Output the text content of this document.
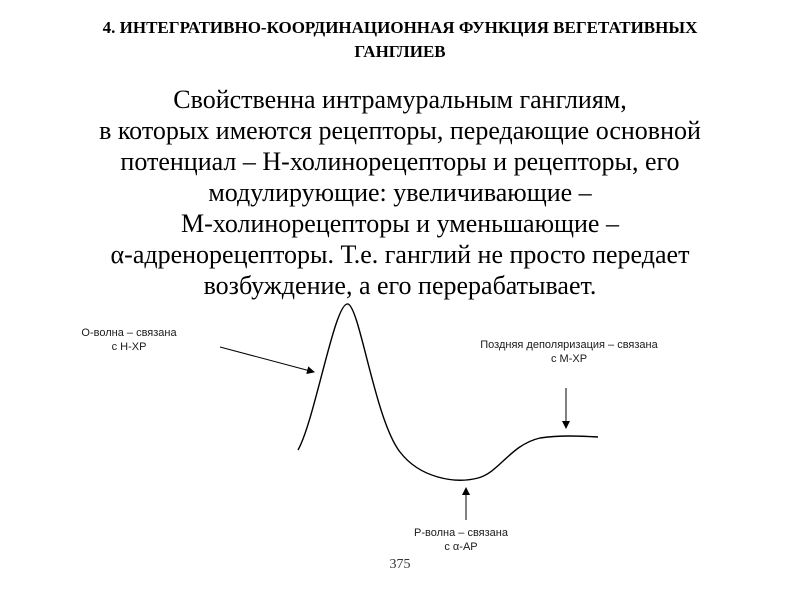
4. ИНТЕГРАТИВНО-КООРДИНАЦИОННАЯ ФУНКЦИЯ ВЕГЕТАТИВНЫХ
ГАНГЛИЕВ
Свойственна интрамуральным ганглиям,
в которых имеются рецепторы, передающие основной
потенциал – Н-холинорецепторы и рецепторы, его
модулирующие: увеличивающие –
М-холинорецепторы и уменьшающие –
α-адренорецепторы. Т.е. ганглий не просто передает
возбуждение, а его перерабатывает.
О-волна – связана
с Н-ХР	Поздняя деполяризация – связана
с М-ХР
Р-волна – связана
с α-АР
375
